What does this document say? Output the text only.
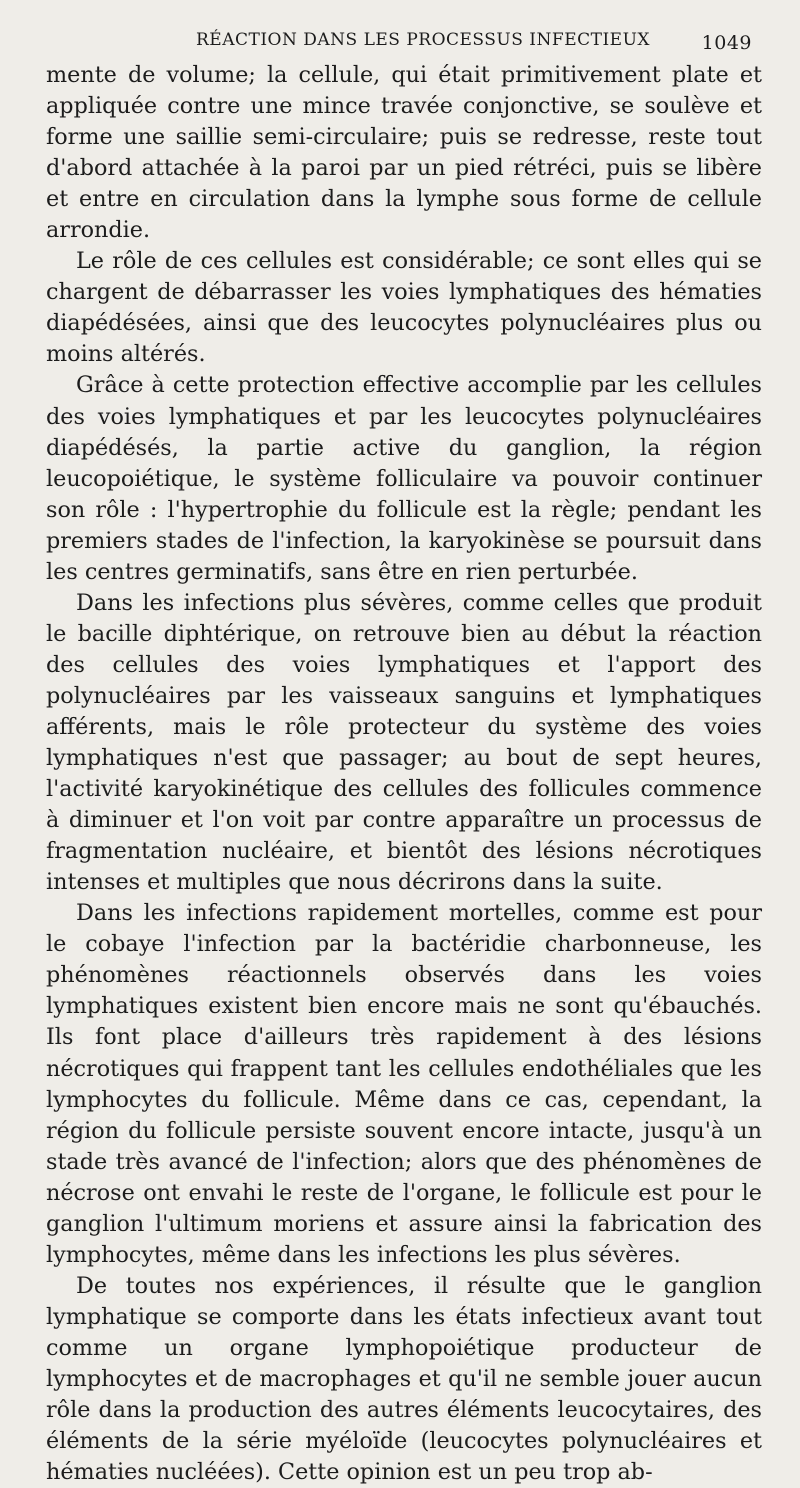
RÉACTION DANS LES PROCESSUS INFECTIEUX	1049

mente de volume; la cellule, qui était primitivement plate et appliquée contre une mince travée conjonctive, se soulève et forme une saillie semi-circulaire; puis se redresse, reste tout d'abord attachée à la paroi par un pied rétréci, puis se libère et entre en circulation dans la lymphe sous forme de cellule arrondie.

Le rôle de ces cellules est considérable; ce sont elles qui se chargent de débarrasser les voies lymphatiques des hématies diapédésées, ainsi que des leucocytes polynucléaires plus ou moins altérés.

Grâce à cette protection effective accomplie par les cellules des voies lymphatiques et par les leucocytes polynucléaires diapédésés, la partie active du ganglion, la région leucopoiétique, le système folliculaire va pouvoir continuer son rôle : l'hypertrophie du follicule est la règle; pendant les premiers stades de l'infection, la karyokinèse se poursuit dans les centres germinatifs, sans être en rien perturbée.

Dans les infections plus sévères, comme celles que produit le bacille diphtérique, on retrouve bien au début la réaction des cellules des voies lymphatiques et l'apport des polynucléaires par les vaisseaux sanguins et lymphatiques afférents, mais le rôle protecteur du système des voies lymphatiques n'est que passager; au bout de sept heures, l'activité karyokinétique des cellules des follicules commence à diminuer et l'on voit par contre apparaître un processus de fragmentation nucléaire, et bientôt des lésions nécrotiques intenses et multiples que nous décrirons dans la suite.

Dans les infections rapidement mortelles, comme est pour le cobaye l'infection par la bactéridie charbonneuse, les phénomènes réactionnels observés dans les voies lymphatiques existent bien encore mais ne sont qu'ébauchés. Ils font place d'ailleurs très rapidement à des lésions nécrotiques qui frappent tant les cellules endothéliales que les lymphocytes du follicule. Même dans ce cas, cependant, la région du follicule persiste souvent encore intacte, jusqu'à un stade très avancé de l'infection; alors que des phénomènes de nécrose ont envahi le reste de l'organe, le follicule est pour le ganglion l'ultimum moriens et assure ainsi la fabrication des lymphocytes, même dans les infections les plus sévères.

De toutes nos expériences, il résulte que le ganglion lymphatique se comporte dans les états infectieux avant tout comme un organe lymphopoiétique producteur de lymphocytes et de macrophages et qu'il ne semble jouer aucun rôle dans la production des autres éléments leucocytaires, des éléments de la série myéloïde (leucocytes polynucléaires et hématies nucléées). Cette opinion est un peu trop ab-
